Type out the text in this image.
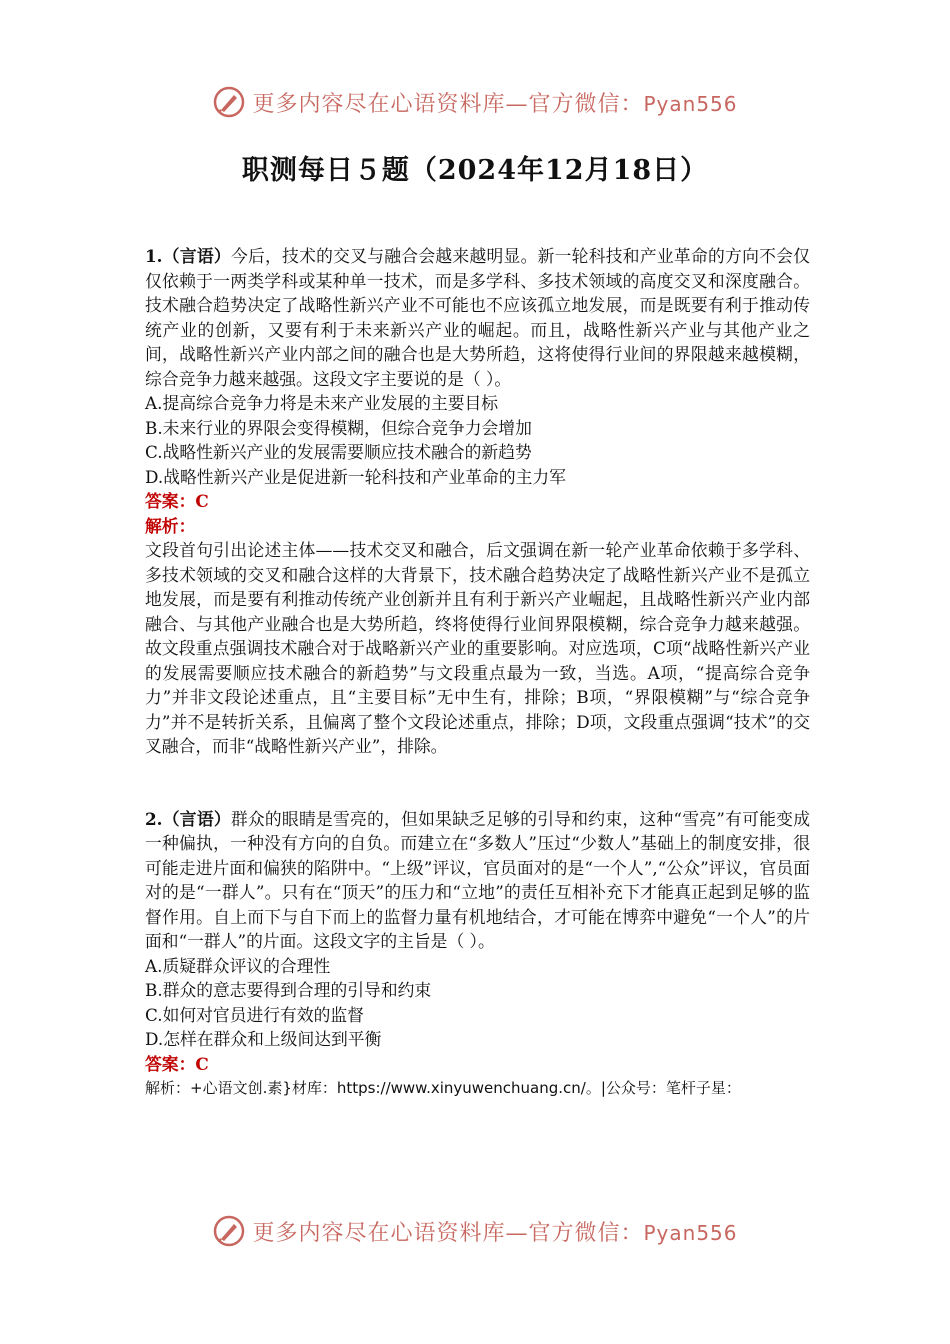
更多内容尽在心语资料库—官方微信：Pyan556
职测每日５题（2024年12月18日）

1.（言语）今后，技术的交叉与融合会越来越明显。新一轮科技和产业革命的方向不会仅仅依赖于一两类学科或某种单一技术，而是多学科、多技术领域的高度交叉和深度融合。技术融合趋势决定了战略性新兴产业不可能也不应该孤立地发展，而是既要有利于推动传统产业的创新，又要有利于未来新兴产业的崛起。而且，战略性新兴产业与其他产业之间，战略性新兴产业内部之间的融合也是大势所趋，这将使得行业间的界限越来越模糊，综合竞争力越来越强。这段文字主要说的是（ ）。

A.提高综合竞争力将是未来产业发展的主要目标

B.未来行业的界限会变得模糊，但综合竞争力会增加

C.战略性新兴产业的发展需要顺应技术融合的新趋势

D.战略性新兴产业是促进新一轮科技和产业革命的主力军

答案：C

解析：

文段首句引出论述主体——技术交叉和融合，后文强调在新一轮产业革命依赖于多学科、多技术领域的交叉和融合这样的大背景下，技术融合趋势决定了战略性新兴产业不是孤立地发展，而是要有利推动传统产业创新并且有利于新兴产业崛起，且战略性新兴产业内部融合、与其他产业融合也是大势所趋，终将使得行业间界限模糊，综合竞争力越来越强。故文段重点强调技术融合对于战略新兴产业的重要影响。对应选项，C项“战略性新兴产业的发展需要顺应技术融合的新趋势”与文段重点最为一致，当选。A项，“提高综合竞争力”并非文段论述重点，且“主要目标”无中生有，排除；B项，“界限模糊”与“综合竞争力”并不是转折关系，且偏离了整个文段论述重点，排除；D项，文段重点强调“技术”的交叉融合，而非“战略性新兴产业”，排除。

2.（言语）群众的眼睛是雪亮的，但如果缺乏足够的引导和约束，这种“雪亮”有可能变成一种偏执，一种没有方向的自负。而建立在“多数人”压过“少数人”基础上的制度安排，很可能走进片面和偏狭的陷阱中。“上级”评议，官员面对的是“一个人”,“公众”评议，官员面对的是“一群人”。只有在“顶天”的压力和“立地”的责任互相补充下才能真正起到足够的监督作用。自上而下与自下而上的监督力量有机地结合，才可能在博弈中避免“一个人”的片面和“一群人”的片面。这段文字的主旨是（ ）。

A.质疑群众评议的合理性

B.群众的意志要得到合理的引导和约束

C.如何对官员进行有效的监督

D.怎样在群众和上级间达到平衡

答案：C

解析：+心语文创.素}材库：https://www.xinyuwenchuang.cn/。|公众号：笔杆子星：

更多内容尽在心语资料库—官方微信：Pyan556
